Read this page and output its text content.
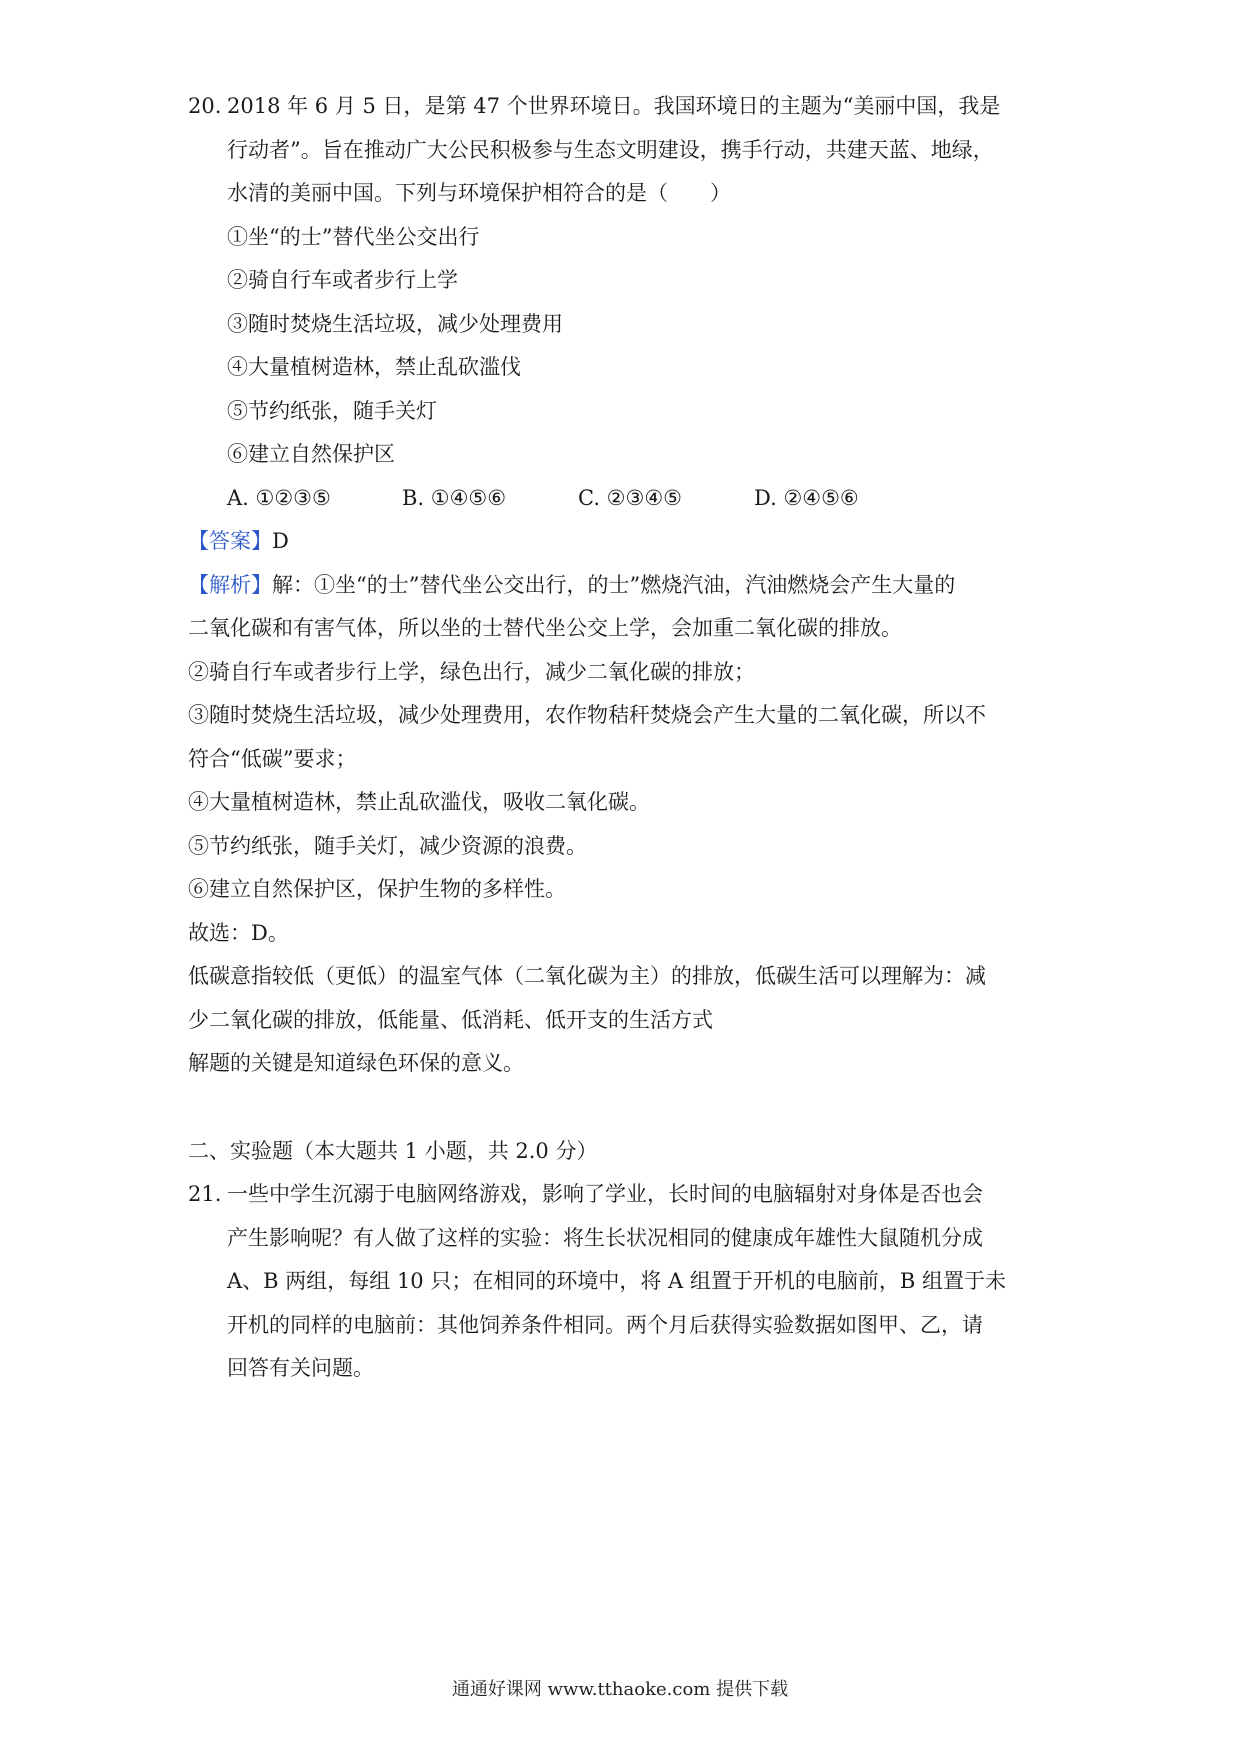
20. 2018 年 6 月 5 日，是第 47 个世界环境日。我国环境日的主题为“美丽中国，我是
行动者”。旨在推动广大公民积极参与生态文明建设，携手行动，共建天蓝、地绿，
水清的美丽中国。下列与环境保护相符合的是（　　）
①坐“的士”替代坐公交出行
②骑自行车或者步行上学
③随时焚烧生活垃圾，减少处理费用
④大量植树造林，禁止乱砍滥伐
⑤节约纸张，随手关灯
⑥建立自然保护区
A. ①②③⑤	B. ①④⑤⑥	C. ②③④⑤	D. ②④⑤⑥
【答案】D
【解析】解：①坐“的士”替代坐公交出行，的士”燃烧汽油，汽油燃烧会产生大量的
二氧化碳和有害气体，所以坐的士替代坐公交上学，会加重二氧化碳的排放。
②骑自行车或者步行上学，绿色出行，减少二氧化碳的排放；
③随时焚烧生活垃圾，减少处理费用，农作物秸秆焚烧会产生大量的二氧化碳，所以不
符合“低碳”要求；
④大量植树造林，禁止乱砍滥伐，吸收二氧化碳。
⑤节约纸张，随手关灯，减少资源的浪费。
⑥建立自然保护区，保护生物的多样性。
故选：D。
低碳意指较低（更低）的温室气体（二氧化碳为主）的排放，低碳生活可以理解为：减
少二氧化碳的排放，低能量、低消耗、低开支的生活方式
解题的关键是知道绿色环保的意义。
二、实验题（本大题共 1 小题，共 2.0 分）
21. 一些中学生沉溺于电脑网络游戏，影响了学业，长时间的电脑辐射对身体是否也会
产生影响呢？有人做了这样的实验：将生长状况相同的健康成年雄性大鼠随机分成
A、B 两组，每组 10 只；在相同的环境中，将 A 组置于开机的电脑前，B 组置于未
开机的同样的电脑前：其他饲养条件相同。两个月后获得实验数据如图甲、乙，请
回答有关问题。
通通好课网 www.tthaoke.com 提供下载
